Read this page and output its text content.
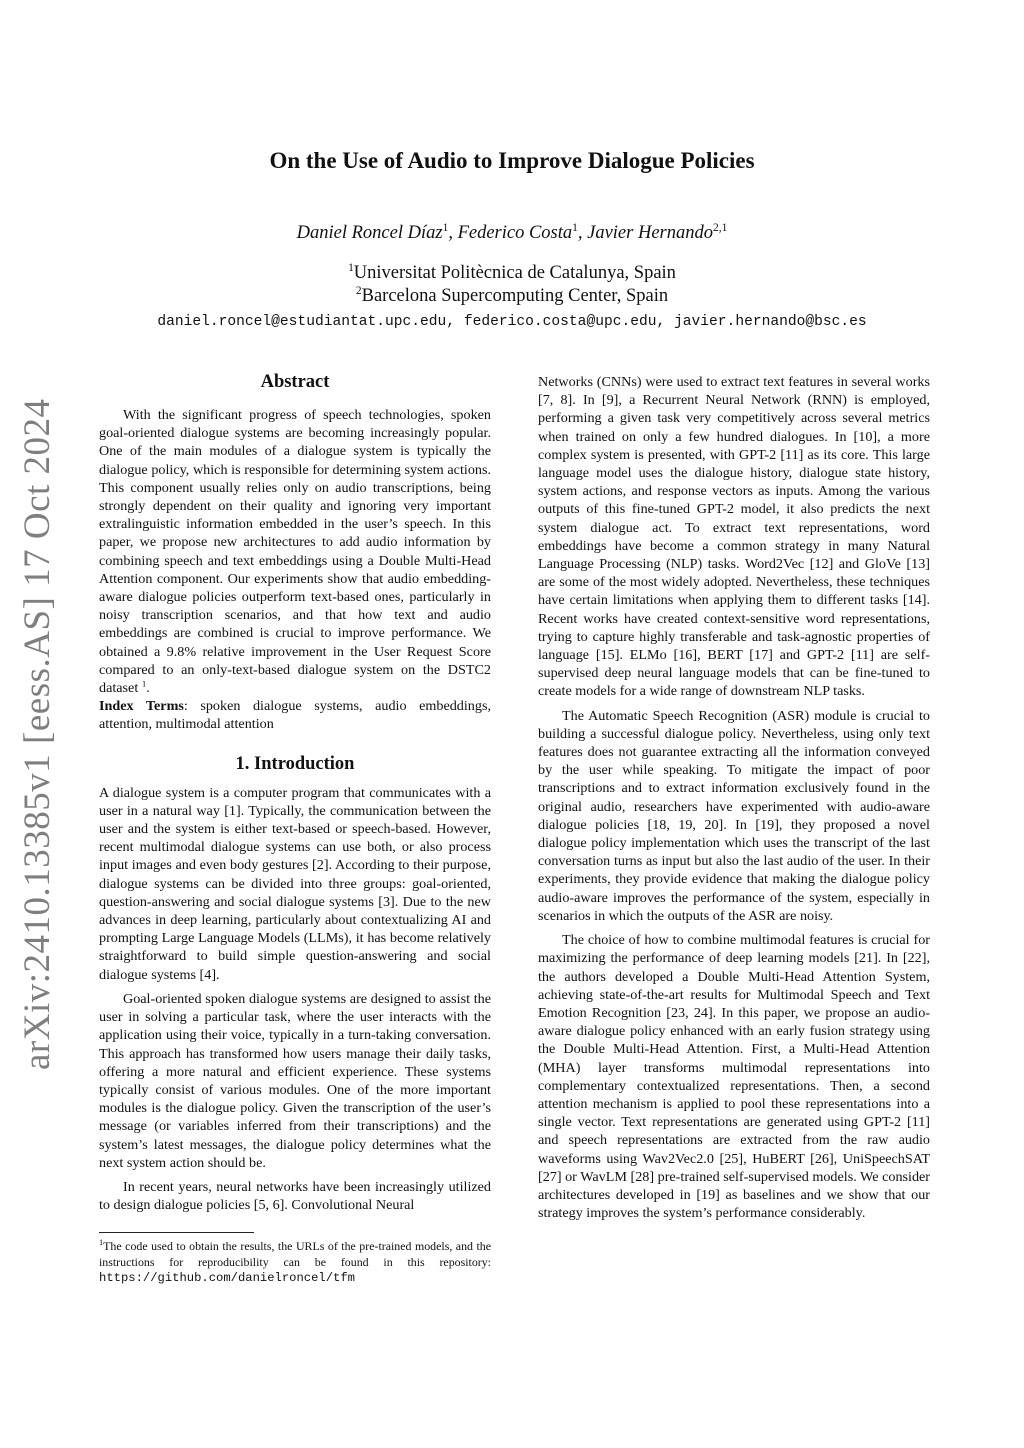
arXiv:2410.13385v1 [eess.AS] 17 Oct 2024
On the Use of Audio to Improve Dialogue Policies
Daniel Roncel Díaz$^1$, Federico Costa$^1$, Javier Hernando$^{2,1}$
$^1$Universitat Politècnica de Catalunya, Spain
$^2$Barcelona Supercomputing Center, Spain
daniel.roncel@estudiantat.upc.edu, federico.costa@upc.edu, javier.hernando@bsc.es
Abstract

With the significant progress of speech technologies, spoken goal-oriented dialogue systems are becoming increasingly popular. One of the main modules of a dialogue system is typically the dialogue policy, which is responsible for determining system actions. This component usually relies only on audio transcriptions, being strongly dependent on their quality and ignoring very important extralinguistic information embedded in the user’s speech. In this paper, we propose new architectures to add audio information by combining speech and text embeddings using a Double Multi-Head Attention component. Our experiments show that audio embedding-aware dialogue policies outperform text-based ones, particularly in noisy transcription scenarios, and that how text and audio embeddings are combined is crucial to improve performance. We obtained a 9.8% relative improvement in the User Request Score compared to an only-text-based dialogue system on the DSTC2 dataset $^1$.

Index Terms: spoken dialogue systems, audio embeddings, attention, multimodal attention

1. Introduction

A dialogue system is a computer program that communicates with a user in a natural way [1]. Typically, the communication between the user and the system is either text-based or speech-based. However, recent multimodal dialogue systems can use both, or also process input images and even body gestures [2]. According to their purpose, dialogue systems can be divided into three groups: goal-oriented, question-answering and social dialogue systems [3]. Due to the new advances in deep learning, particularly about contextualizing AI and prompting Large Language Models (LLMs), it has become relatively straightforward to build simple question-answering and social dialogue systems [4].

Goal-oriented spoken dialogue systems are designed to assist the user in solving a particular task, where the user interacts with the application using their voice, typically in a turn-taking conversation. This approach has transformed how users manage their daily tasks, offering a more natural and efficient experience. These systems typically consist of various modules. One of the more important modules is the dialogue policy. Given the transcription of the user’s message (or variables inferred from their transcriptions) and the system’s latest messages, the dialogue policy determines what the next system action should be.

In recent years, neural networks have been increasingly utilized to design dialogue policies [5, 6]. Convolutional Neural

$^1$The code used to obtain the results, the URLs of the pre-trained models, and the instructions for reproducibility can be found in this repository: https://github.com/danielroncel/tfm

Networks (CNNs) were used to extract text features in several works [7, 8]. In [9], a Recurrent Neural Network (RNN) is employed, performing a given task very competitively across several metrics when trained on only a few hundred dialogues. In [10], a more complex system is presented, with GPT-2 [11] as its core. This large language model uses the dialogue history, dialogue state history, system actions, and response vectors as inputs. Among the various outputs of this fine-tuned GPT-2 model, it also predicts the next system dialogue act. To extract text representations, word embeddings have become a common strategy in many Natural Language Processing (NLP) tasks. Word2Vec [12] and GloVe [13] are some of the most widely adopted. Nevertheless, these techniques have certain limitations when applying them to different tasks [14]. Recent works have created context-sensitive word representations, trying to capture highly transferable and task-agnostic properties of language [15]. ELMo [16], BERT [17] and GPT-2 [11] are self-supervised deep neural language models that can be fine-tuned to create models for a wide range of downstream NLP tasks.

The Automatic Speech Recognition (ASR) module is crucial to building a successful dialogue policy. Nevertheless, using only text features does not guarantee extracting all the information conveyed by the user while speaking. To mitigate the impact of poor transcriptions and to extract information exclusively found in the original audio, researchers have experimented with audio-aware dialogue policies [18, 19, 20]. In [19], they proposed a novel dialogue policy implementation which uses the transcript of the last conversation turns as input but also the last audio of the user. In their experiments, they provide evidence that making the dialogue policy audio-aware improves the performance of the system, especially in scenarios in which the outputs of the ASR are noisy.

The choice of how to combine multimodal features is crucial for maximizing the performance of deep learning models [21]. In [22], the authors developed a Double Multi-Head Attention System, achieving state-of-the-art results for Multimodal Speech and Text Emotion Recognition [23, 24]. In this paper, we propose an audio-aware dialogue policy enhanced with an early fusion strategy using the Double Multi-Head Attention. First, a Multi-Head Attention (MHA) layer transforms multimodal representations into complementary contextualized representations. Then, a second attention mechanism is applied to pool these representations into a single vector. Text representations are generated using GPT-2 [11] and speech representations are extracted from the raw audio waveforms using Wav2Vec2.0 [25], HuBERT [26], UniSpeechSAT [27] or WavLM [28] pre-trained self-supervised models. We consider architectures developed in [19] as baselines and we show that our strategy improves the system’s performance considerably.
